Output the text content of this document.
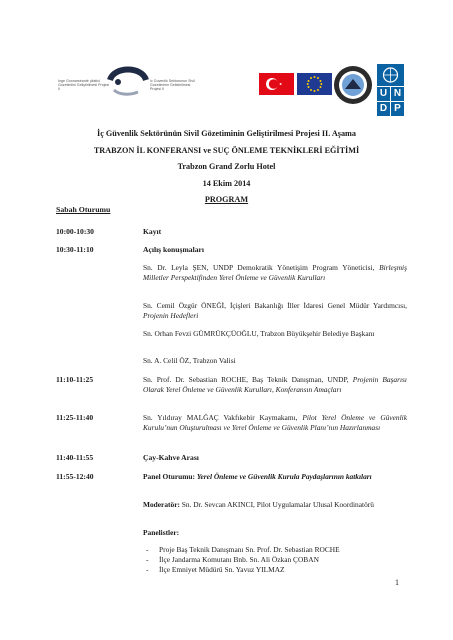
Inge Gunnarséanté çifatiııl Gozetimlini Geliştirilmesi Projesi II
Ic Guvenlik Sektorunun Sivil Gozetiminin Gelistirilmesi Projesi II	U N
D P
İç Güvenlik Sektörünün Sivil Gözetiminin Geliştirilmesi Projesi II. Aşama
TRABZON İL KONFERANSI ve SUÇ ÖNLEME TEKNİKLERİ EĞİTİMİ
Trabzon Grand Zorlu Hotel
14 Ekim 2014
PROGRAM
Sabah Oturumu
10:00-10:30	Kayıt
10:30-11:10	Açılış konuşmaları
Sn. Dr. Leyla ŞEN, UNDP Demokratik Yönetişim Program Yöneticisi, Birleşmiş Milletler Perspektifinden Yerel Önleme ve Güvenlik Kurulları
Sn. Cemil Özgür ÖNEĞİ, İçişleri Bakanlığı İller İdaresi Genel Müdür Yardımcısı, Projenin Hedefleri
Sn. Orhan Fevzi GÜMRÜKÇÜOĞLU, Trabzon Büyükşehir Belediye Başkanı
Sn. A. Celil ÖZ, Trabzon Valisi
11:10-11:25	Sn. Prof. Dr. Sebastian ROCHE, Baş Teknik Danışman, UNDP, Projenin Başarısı Olarak Yerel Önleme ve Güvenlik Kurulları, Konferansın Amaçları
11:25-11:40	Sn. Yıldıray MALĞAÇ Vakfıkebir Kaymakamı, Pilot Yerel Önleme ve Güvenlik Kurulu’nun Oluşturulması ve Yerel Önleme ve Güvenlik Planı’nın Hazırlanması
11:40-11:55	Çay-Kahve Arası
11:55-12:40	Panel Oturumu: Yerel Önleme ve Güvenlik Kurula Paydaşlarının katkıları
Moderatör: Sn. Dr. Sevcan AKINCI, Pilot Uygulamalar Ulusal Koordinatörü
Panelistler:
- Proje Baş Teknik Danışmanı Sn. Prof. Dr. Sebastian ROCHE
- İlçe Jandarma Komutanı Bnb. Sn. Ali Özkan ÇOBAN
- İlçe Emniyet Müdürü Sn. Yavuz YILMAZ
1
